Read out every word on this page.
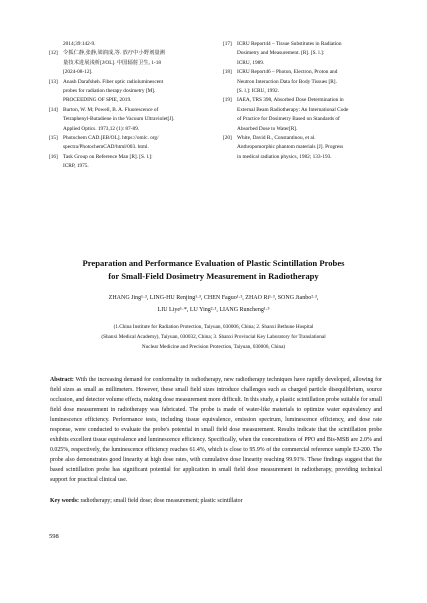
2014;39:142-9.
[12] 令狐仁静,张静,梁润成,等. 放疗中小野剂量测
量技术进展浅析[J/OL]. 中国辐射卫生, 1-18
[2024-08-12].
[13] Anash Darafsheh. Fiber optic radioluminescent
probes for radiation therapy dosimetry [M].
PROCEEDING OF SPIE, 2019.
[14] Burton, W. M; Powell, B. A. Fluorescence of
Tetraphenyl-Butadiene in the Vacuum Ultraviolet[J].
Applied Optics. 1973,12 (1): 87-89.
[15] Photochem CAD.[EB/OL]. https://omlc. org/
spectra/PhotochemCAD/html/003. html.
[16] Task Group on Reference Man [R]. [S. l.]:
ICRP, 1975.
[17] ICRU Report44 – Tissue Substitutes in Radiation
Dosimetry and Measurement. [R]. [S. l.]:
ICRU, 1989.
[18] ICRU Report46 – Photon, Electron, Proton and
Neutron Interaction Data for Body Tissues [R].
[S. l.]: ICRU, 1992.
[19] IAEA, TRS 398, Absorbed Dose Determination in
External Beam Radiotherapy: An International Code
of Practice for Dosimetry Based on Standards of
Absorbed Dose to Water[R].
[20] White, David R., Constantinou, et al.
Anthropomorphic phantom materials [J]. Progress
in medical radiation physics, 1982; 133-193.
Preparation and Performance Evaluation of Plastic Scintillation Probes
for Small-Field Dosimetry Measurement in Radiotherapy
ZHANG Jing¹·³, LING-HU Renjing¹·³, CHEN Faguo¹·³, ZHAO Ri¹·³, SONG Jianbo²·³,
LIU Liye¹·*, LU Ying²·³, LIANG Runcheng¹·³
(1.China Institute for Radiation Protection, Taiyuan, 030006, China; 2. Shanxi Bethune Hospital
(Shanxi Medical Academy), Taiyuan, 030032, China; 3. Shanxi Provincial Key Laboratory for Translational
Nuclear Medicine and Precision Protection, Taiyuan, 030006, China)
Abstract: With the increasing demand for conformality in radiotherapy, new radiotherapy techniques have rapidly developed, allowing for field sizes as small as millimeters. However, these small field sizes introduce challenges such as charged particle disequilibrium, source occlusion, and detector volume effects, making dose measurement more difficult. In this study, a plastic scintillation probe suitable for small field dose measurement in radiotherapy was fabricated. The probe is made of water-like materials to optimize water equivalency and luminescence efficiency. Performance tests, including tissue equivalence, emission spectrum, luminescence efficiency, and dose rate response, were conducted to evaluate the probe's potential in small field dose measurement. Results indicate that the scintillation probe exhibits excellent tissue equivalence and luminescence efficiency. Specifically, when the concentrations of PPO and Bis-MSB are 2.0% and 0.025%, respectively, the luminescence efficiency reaches 61.4%, which is close to 95.9% of the commercial reference sample EJ-200. The probe also demonstrates good linearity at high dose rates, with cumulative dose linearity reaching 99.91%. These findings suggest that the based scintillation probe has significant potential for application in small field dose measurement in radiotherapy, providing technical support for practical clinical use.
Key words: radiotherapy; small field dose; dose measurement; plastic scintillator
598
